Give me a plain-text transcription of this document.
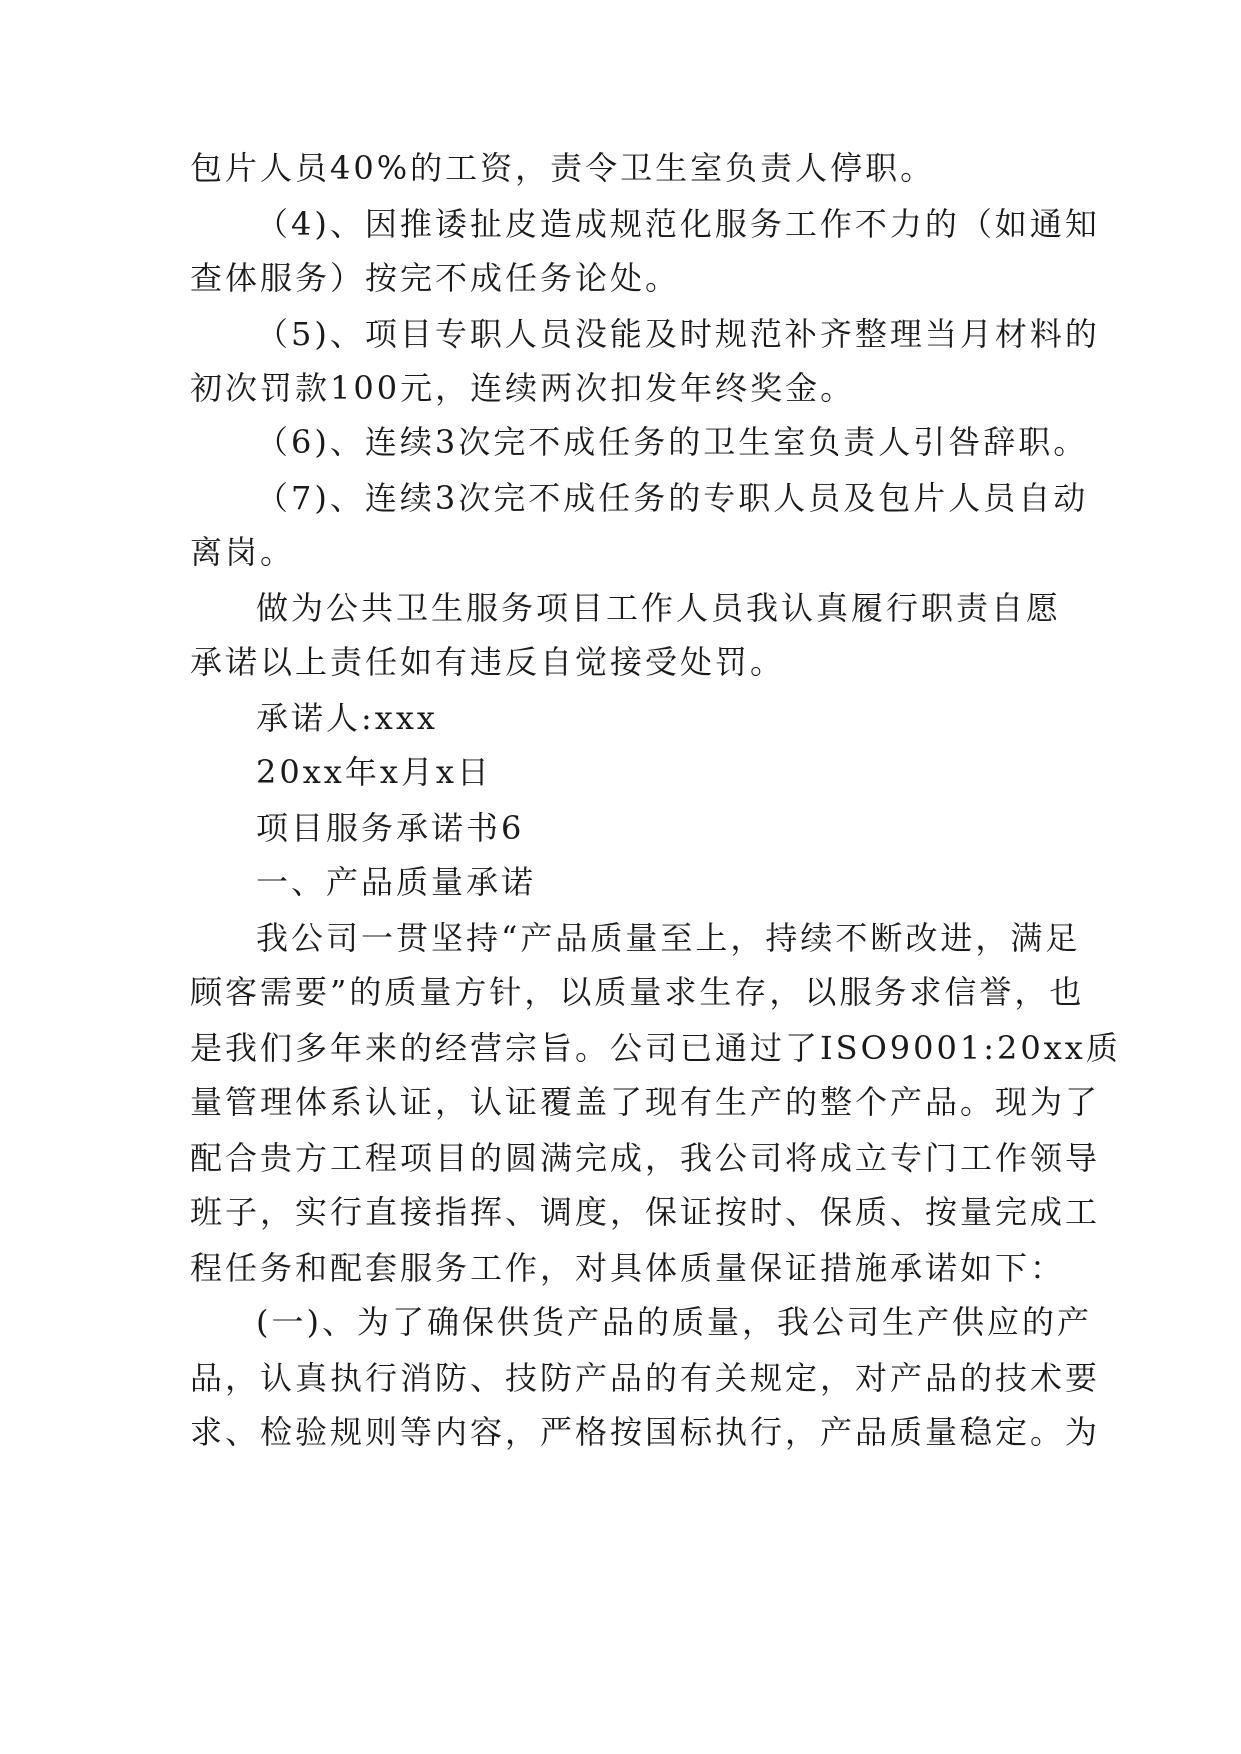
包片人员40%的工资，责令卫生室负责人停职。
（4)、因推诿扯皮造成规范化服务工作不力的（如通知
查体服务）按完不成任务论处。
（5)、项目专职人员没能及时规范补齐整理当月材料的
初次罚款100元，连续两次扣发年终奖金。
（6)、连续3次完不成任务的卫生室负责人引咎辞职。
（7)、连续3次完不成任务的专职人员及包片人员自动
离岗。
做为公共卫生服务项目工作人员我认真履行职责自愿
承诺以上责任如有违反自觉接受处罚。
承诺人:xxx
20xx年x月x日
项目服务承诺书6
一、产品质量承诺
我公司一贯坚持“产品质量至上，持续不断改进，满足
顾客需要”的质量方针，以质量求生存，以服务求信誉，也
是我们多年来的经营宗旨。公司已通过了ISO9001:20xx质
量管理体系认证，认证覆盖了现有生产的整个产品。现为了
配合贵方工程项目的圆满完成，我公司将成立专门工作领导
班子，实行直接指挥、调度，保证按时、保质、按量完成工
程任务和配套服务工作，对具体质量保证措施承诺如下：
(一)、为了确保供货产品的质量，我公司生产供应的产
品，认真执行消防、技防产品的有关规定，对产品的技术要
求、检验规则等内容，严格按国标执行，产品质量稳定。为
